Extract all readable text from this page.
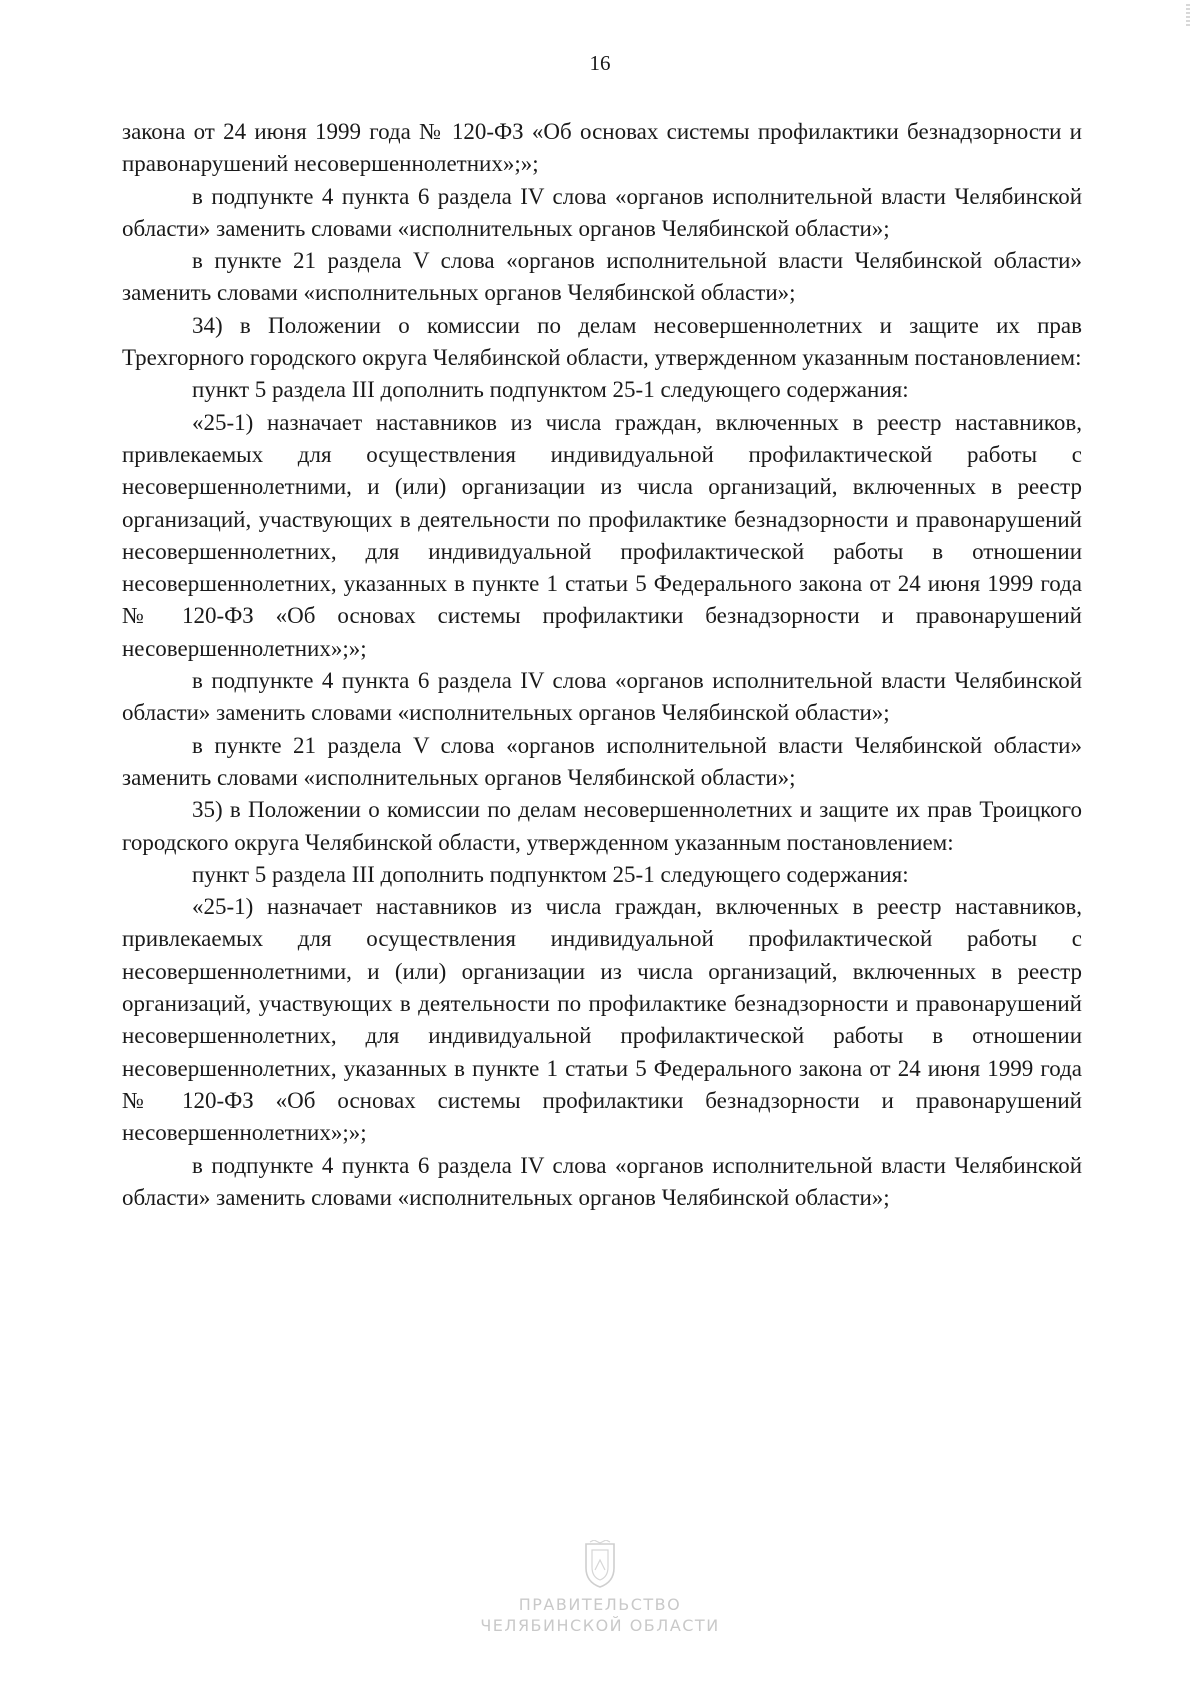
16

закона от 24 июня 1999 года № 120-ФЗ «Об основах системы профилактики безнадзорности и правонарушений несовершеннолетних»;»;

в подпункте 4 пункта 6 раздела IV слова «органов исполнительной власти Челябинской области» заменить словами «исполнительных органов Челябинской области»;

в пункте 21 раздела V слова «органов исполнительной власти Челябинской области» заменить словами «исполнительных органов Челябинской области»;

34) в Положении о комиссии по делам несовершеннолетних и защите их прав Трехгорного городского округа Челябинской области, утвержденном указанным постановлением:

пункт 5 раздела III дополнить подпунктом 25-1 следующего содержания:

«25-1) назначает наставников из числа граждан, включенных в реестр наставников, привлекаемых для осуществления индивидуальной профилактической работы с несовершеннолетними, и (или) организации из числа организаций, включенных в реестр организаций, участвующих в деятельности по профилактике безнадзорности и правонарушений несовершеннолетних, для индивидуальной профилактической работы в отношении несовершеннолетних, указанных в пункте 1 статьи 5 Федерального закона от 24 июня 1999 года № 120-ФЗ «Об основах системы профилактики безнадзорности и правонарушений несовершеннолетних»;»;

в подпункте 4 пункта 6 раздела IV слова «органов исполнительной власти Челябинской области» заменить словами «исполнительных органов Челябинской области»;

в пункте 21 раздела V слова «органов исполнительной власти Челябинской области» заменить словами «исполнительных органов Челябинской области»;

35) в Положении о комиссии по делам несовершеннолетних и защите их прав Троицкого городского округа Челябинской области, утвержденном указанным постановлением:

пункт 5 раздела III дополнить подпунктом 25-1 следующего содержания:

«25-1) назначает наставников из числа граждан, включенных в реестр наставников, привлекаемых для осуществления индивидуальной профилактической работы с несовершеннолетними, и (или) организации из числа организаций, включенных в реестр организаций, участвующих в деятельности по профилактике безнадзорности и правонарушений несовершеннолетних, для индивидуальной профилактической работы в отношении несовершеннолетних, указанных в пункте 1 статьи 5 Федерального закона от 24 июня 1999 года № 120-ФЗ «Об основах системы профилактики безнадзорности и правонарушений несовершеннолетних»;»;

в подпункте 4 пункта 6 раздела IV слова «органов исполнительной власти Челябинской области» заменить словами «исполнительных органов Челябинской области»;

ПРАВИТЕЛЬСТВО
ЧЕЛЯБИНСКОЙ ОБЛАСТИ
